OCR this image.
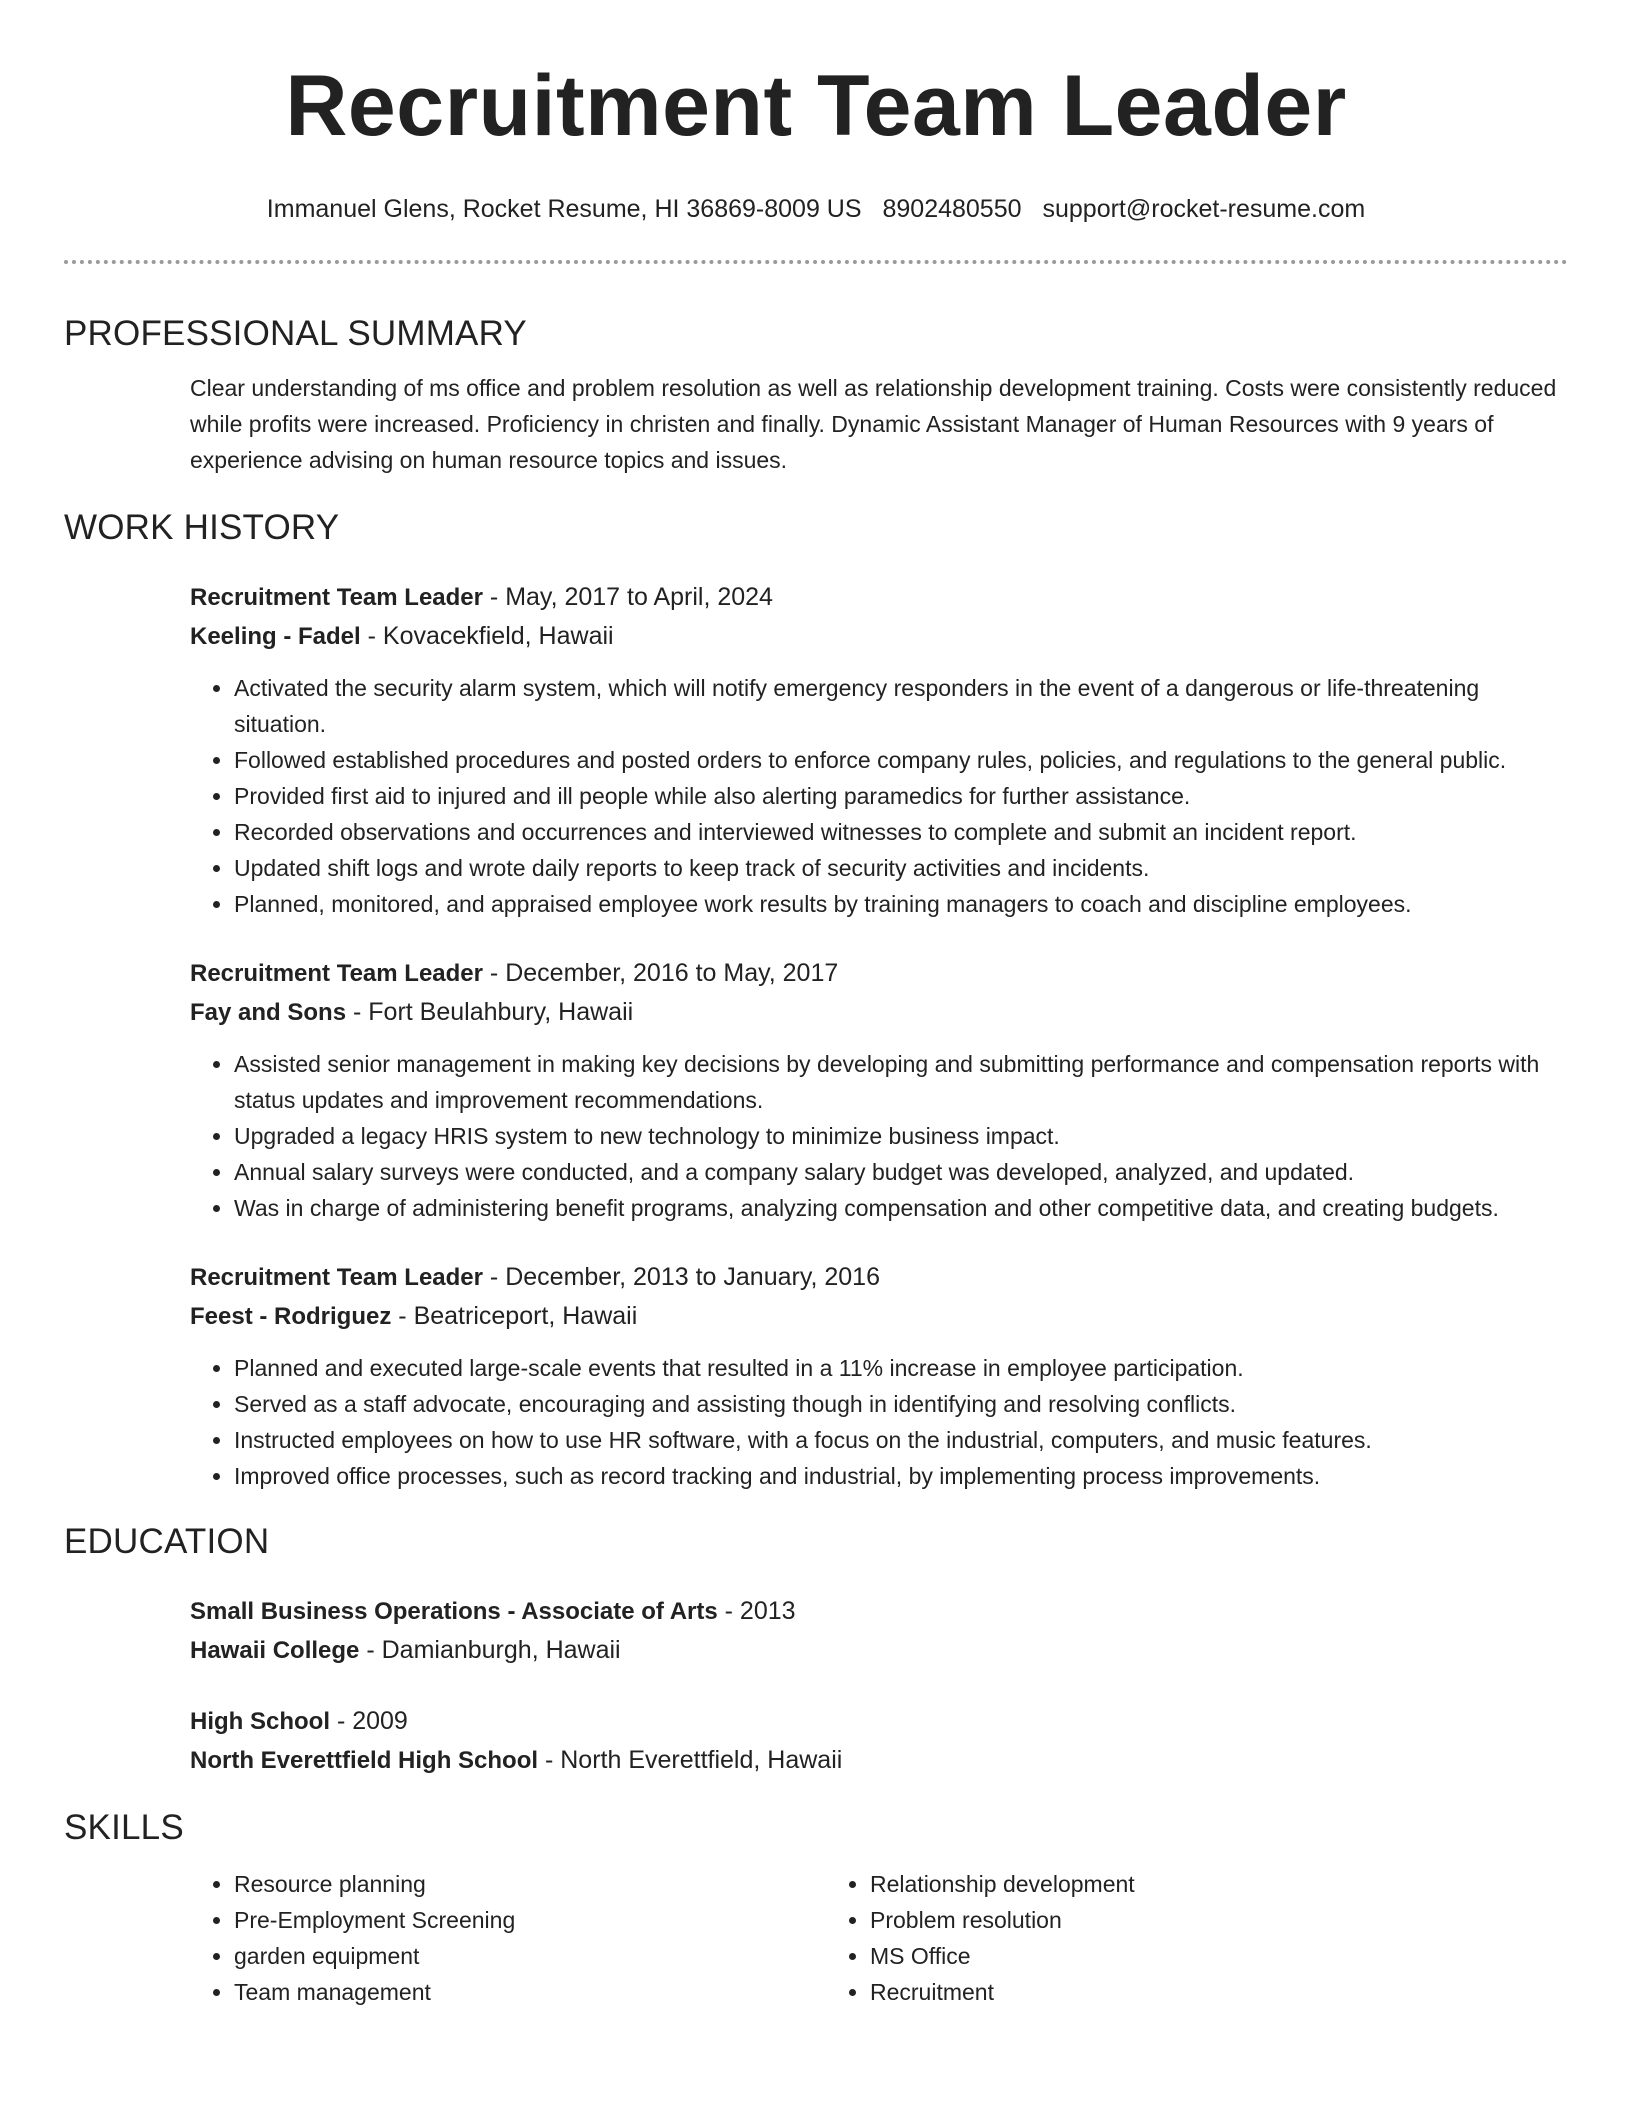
Recruitment Team Leader
Immanuel Glens, Rocket Resume, HI 36869-8009 US 8902480550 support@rocket-resume.com
PROFESSIONAL SUMMARY
Clear understanding of ms office and problem resolution as well as relationship development training. Costs were consistently reduced while profits were increased. Proficiency in christen and finally. Dynamic Assistant Manager of Human Resources with 9 years of experience advising on human resource topics and issues.
WORK HISTORY
Recruitment Team Leader - May, 2017 to April, 2024
Keeling - Fadel - Kovacekfield, Hawaii
• Activated the security alarm system, which will notify emergency responders in the event of a dangerous or life-threatening situation.
• Followed established procedures and posted orders to enforce company rules, policies, and regulations to the general public.
• Provided first aid to injured and ill people while also alerting paramedics for further assistance.
• Recorded observations and occurrences and interviewed witnesses to complete and submit an incident report.
• Updated shift logs and wrote daily reports to keep track of security activities and incidents.
• Planned, monitored, and appraised employee work results by training managers to coach and discipline employees.
Recruitment Team Leader - December, 2016 to May, 2017
Fay and Sons - Fort Beulahbury, Hawaii
• Assisted senior management in making key decisions by developing and submitting performance and compensation reports with status updates and improvement recommendations.
• Upgraded a legacy HRIS system to new technology to minimize business impact.
• Annual salary surveys were conducted, and a company salary budget was developed, analyzed, and updated.
• Was in charge of administering benefit programs, analyzing compensation and other competitive data, and creating budgets.
Recruitment Team Leader - December, 2013 to January, 2016
Feest - Rodriguez - Beatriceport, Hawaii
• Planned and executed large-scale events that resulted in a 11% increase in employee participation.
• Served as a staff advocate, encouraging and assisting though in identifying and resolving conflicts.
• Instructed employees on how to use HR software, with a focus on the industrial, computers, and music features.
• Improved office processes, such as record tracking and industrial, by implementing process improvements.
EDUCATION
Small Business Operations - Associate of Arts - 2013
Hawaii College - Damianburgh, Hawaii
High School - 2009
North Everettfield High School - North Everettfield, Hawaii
SKILLS
• Resource planning
• Pre-Employment Screening
• garden equipment
• Team management
• Relationship development
• Problem resolution
• MS Office
• Recruitment
